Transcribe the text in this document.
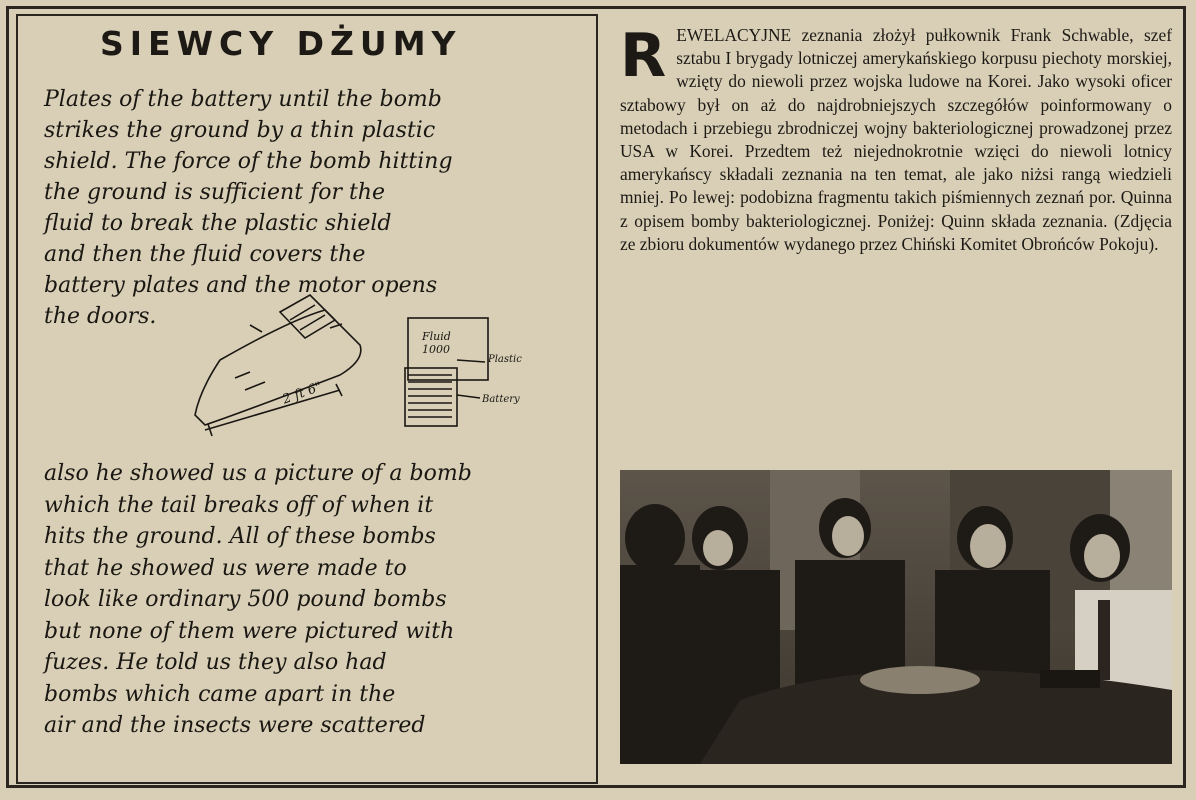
SIEWCY DŻUMY
Plates of the battery until the bomb
strikes the ground by a thin plastic
shield. The force of the bomb hitting
the ground is sufficient for the
fluid to break the plastic shield
and then the fluid covers the
battery plates and the motor opens
the doors.
2 ft 6"
Fluid 1000
Plastic
Battery
also he showed us a picture of a bomb
which the tail breaks off of when it
hits the ground. All of these bombs
that he showed us were made to
look like ordinary 500 pound bombs
but none of them were pictured with
fuzes. He told us they also had
bombs which came apart in the
air and the insects were scattered
R EWELACYJNE zeznania złożył pułkownik Frank Schwable, szef sztabu I brygady lotniczej amerykańskiego korpusu piechoty morskiej, wzięty do niewoli przez wojska ludowe na Korei. Jako wysoki oficer sztabowy był on aż do najdrobniejszych szczegółów poinformowany o metodach i przebiegu zbrodniczej wojny bakteriologicznej prowadzonej przez USA w Korei. Przedtem też niejednokrotnie wzięci do niewoli lotnicy amerykańscy składali zeznania na ten temat, ale jako niżsi rangą wiedzieli mniej. Po lewej: podobizna fragmentu takich piśmiennych zeznań por. Quinna z opisem bomby bakteriologicznej. Poniżej: Quinn składa zeznania. (Zdjęcia ze zbioru dokumentów wydanego przez Chiński Komitet Obrońców Pokoju).
